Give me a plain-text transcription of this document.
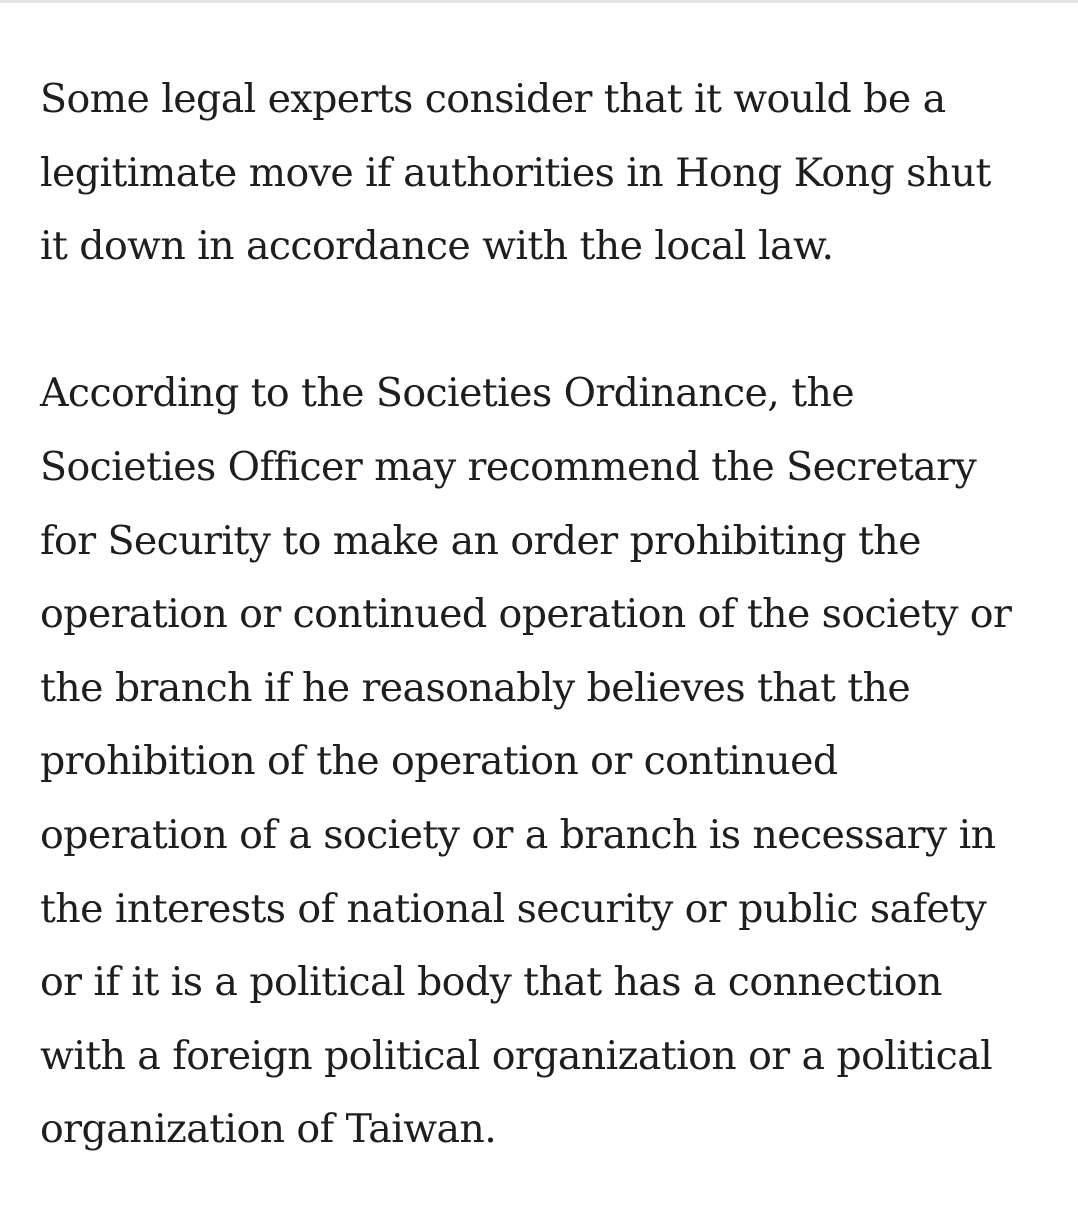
Some legal experts consider that it would be a
legitimate move if authorities in Hong Kong shut
it down in accordance with the local law.

According to the Societies Ordinance, the
Societies Officer may recommend the Secretary
for Security to make an order prohibiting the
operation or continued operation of the society or
the branch if he reasonably believes that the
prohibition of the operation or continued
operation of a society or a branch is necessary in
the interests of national security or public safety
or if it is a political body that has a connection
with a foreign political organization or a political
organization of Taiwan.
